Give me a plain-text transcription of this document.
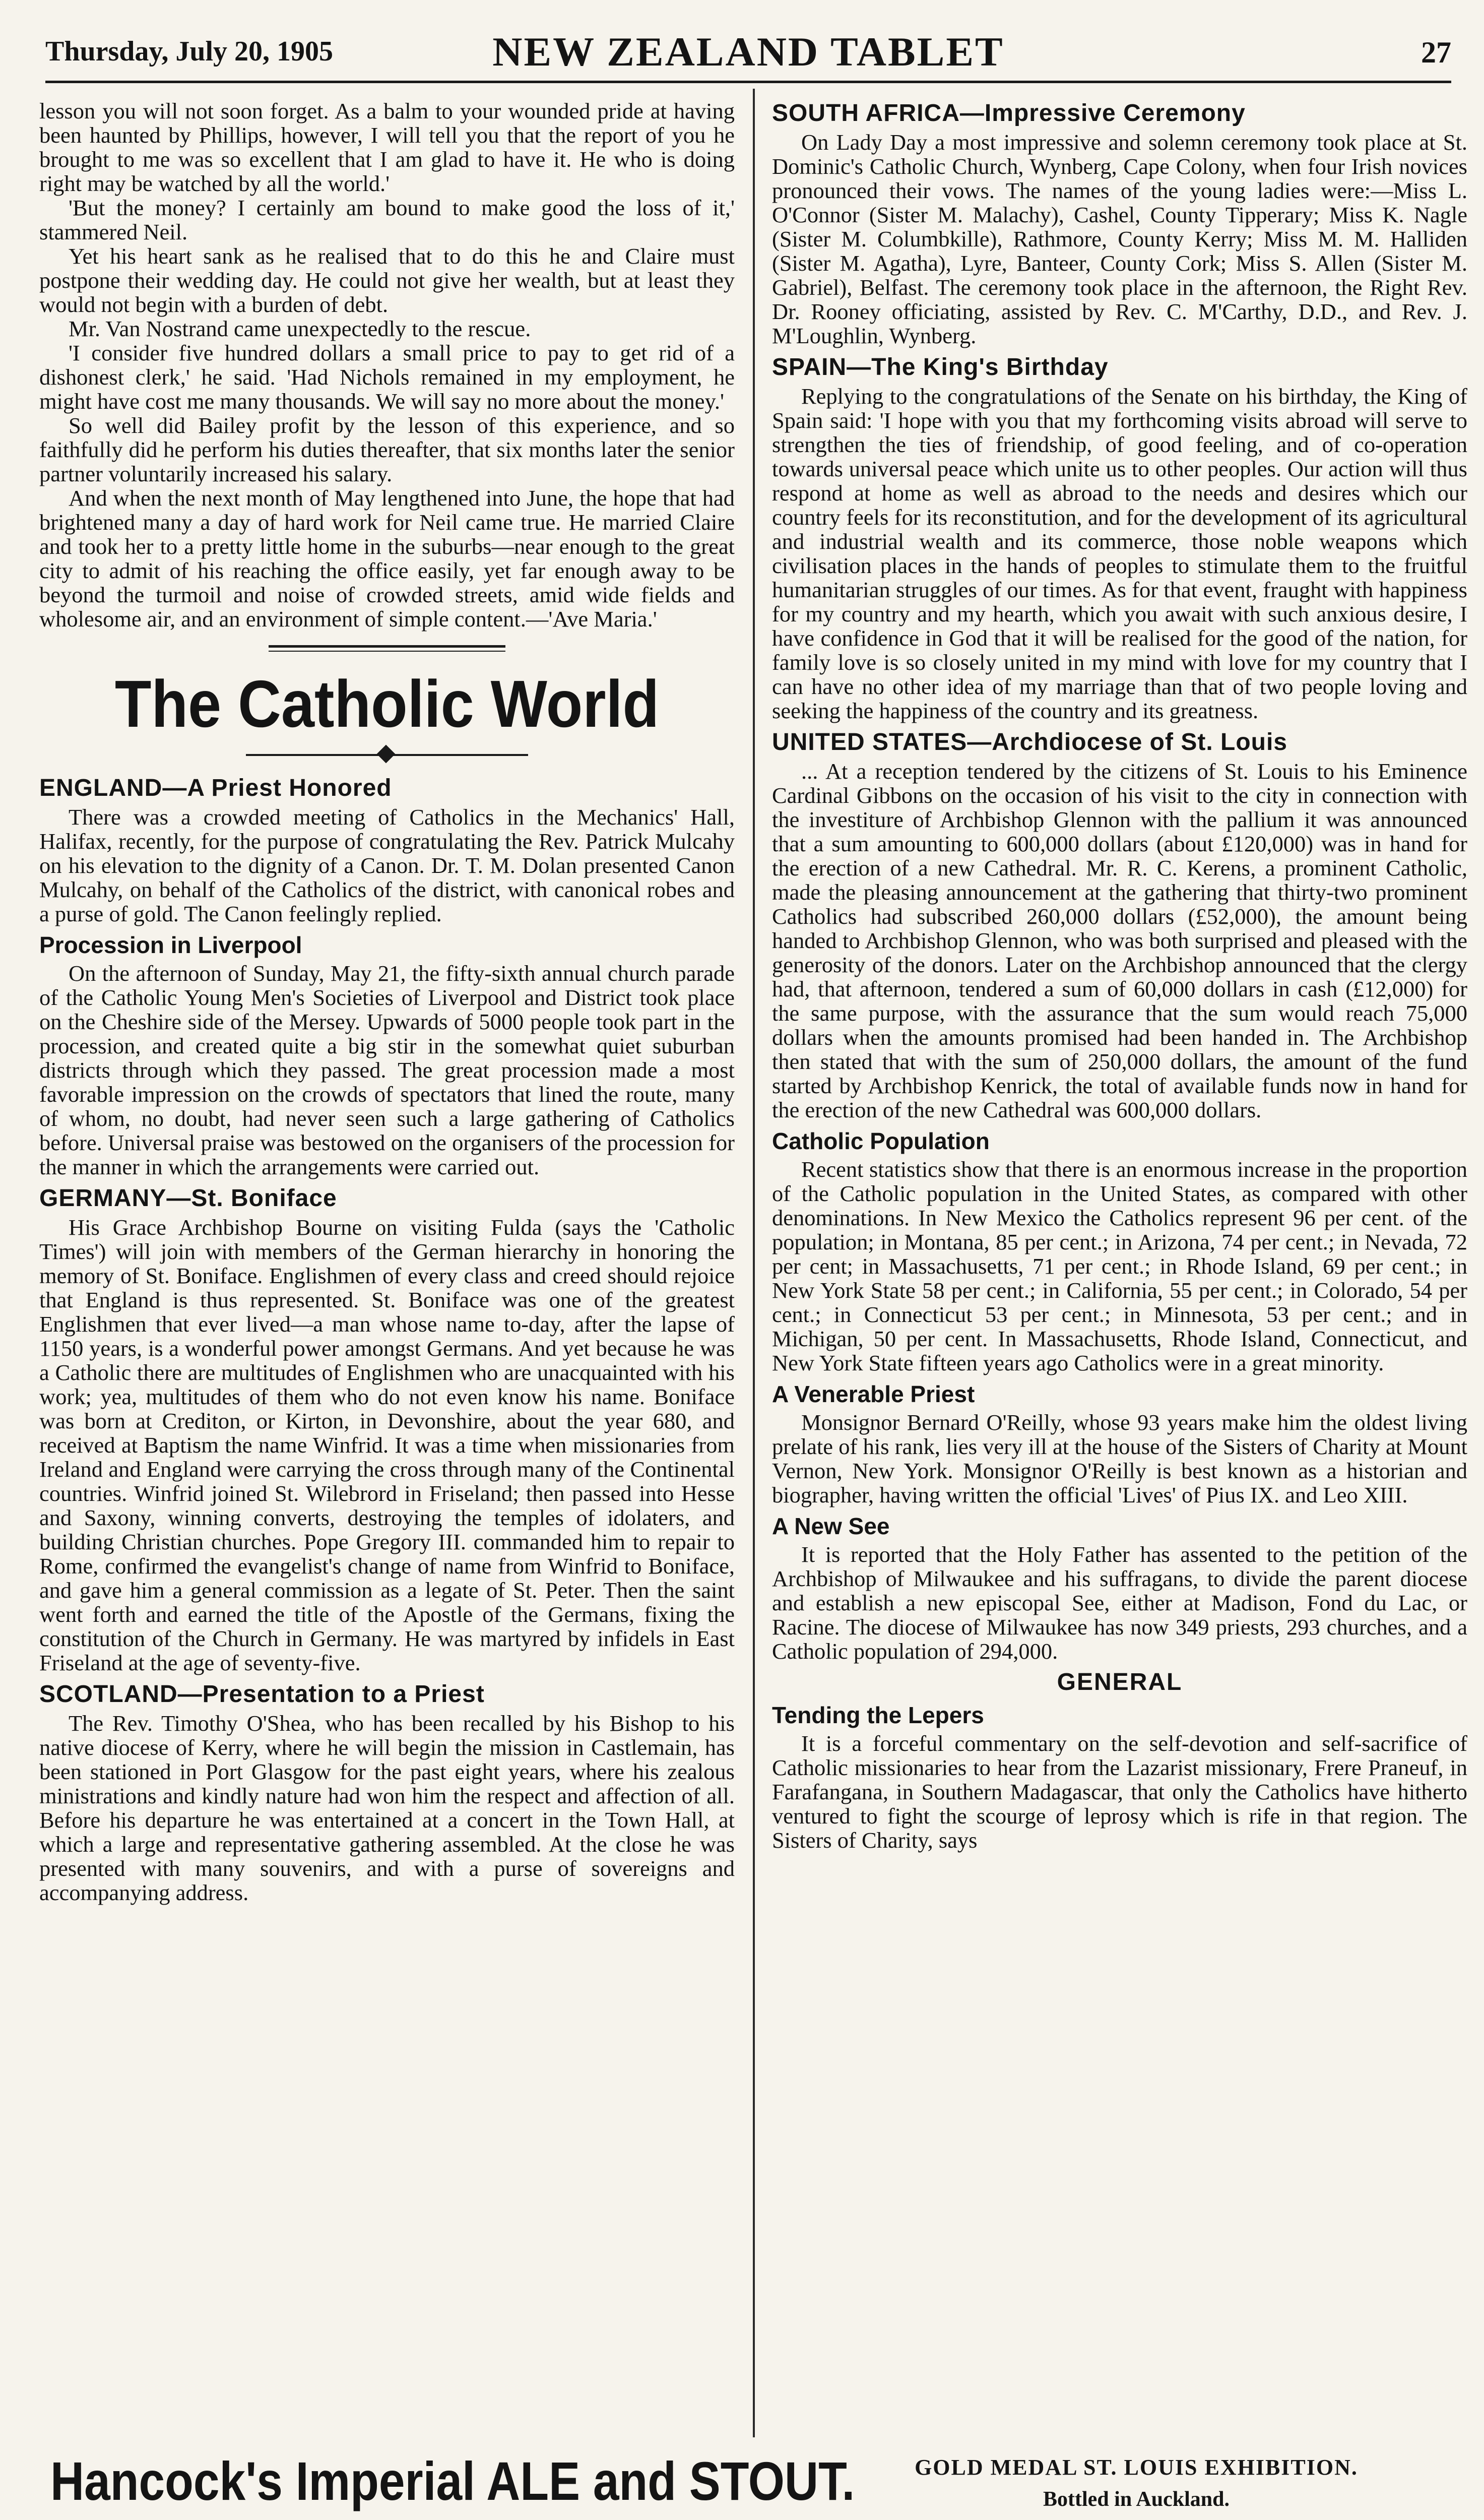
Thursday, July 20, 1905	NEW ZEALAND TABLET	27

lesson you will not soon forget. As a balm to your wounded pride at having been haunted by Phillips, however, I will tell you that the report of you he brought to me was so excellent that I am glad to have it. He who is doing right may be watched by all the world.'

'But the money? I certainly am bound to make good the loss of it,' stammered Neil.

Yet his heart sank as he realised that to do this he and Claire must postpone their wedding day. He could not give her wealth, but at least they would not begin with a burden of debt.

Mr. Van Nostrand came unexpectedly to the rescue.

'I consider five hundred dollars a small price to pay to get rid of a dishonest clerk,' he said. 'Had Nichols remained in my employment, he might have cost me many thousands. We will say no more about the money.'

So well did Bailey profit by the lesson of this experience, and so faithfully did he perform his duties thereafter, that six months later the senior partner voluntarily increased his salary.

And when the next month of May lengthened into June, the hope that had brightened many a day of hard work for Neil came true. He married Claire and took her to a pretty little home in the suburbs—near enough to the great city to admit of his reaching the office easily, yet far enough away to be beyond the turmoil and noise of crowded streets, amid wide fields and wholesome air, and an environment of simple content.—'Ave Maria.'

The Catholic World
ENGLAND—A Priest Honored

There was a crowded meeting of Catholics in the Mechanics' Hall, Halifax, recently, for the purpose of congratulating the Rev. Patrick Mulcahy on his elevation to the dignity of a Canon. Dr. T. M. Dolan presented Canon Mulcahy, on behalf of the Catholics of the district, with canonical robes and a purse of gold. The Canon feelingly replied.

Procession in Liverpool

On the afternoon of Sunday, May 21, the fifty-sixth annual church parade of the Catholic Young Men's Societies of Liverpool and District took place on the Cheshire side of the Mersey. Upwards of 5000 people took part in the procession, and created quite a big stir in the somewhat quiet suburban districts through which they passed. The great procession made a most favorable impression on the crowds of spectators that lined the route, many of whom, no doubt, had never seen such a large gathering of Catholics before. Universal praise was bestowed on the organisers of the procession for the manner in which the arrangements were carried out.

GERMANY—St. Boniface

His Grace Archbishop Bourne on visiting Fulda (says the 'Catholic Times') will join with members of the German hierarchy in honoring the memory of St. Boniface. Englishmen of every class and creed should rejoice that England is thus represented. St. Boniface was one of the greatest Englishmen that ever lived—a man whose name to-day, after the lapse of 1150 years, is a wonderful power amongst Germans. And yet because he was a Catholic there are multitudes of Englishmen who are unacquainted with his work; yea, multitudes of them who do not even know his name. Boniface was born at Crediton, or Kirton, in Devonshire, about the year 680, and received at Baptism the name Winfrid. It was a time when missionaries from Ireland and England were carrying the cross through many of the Continental countries. Winfrid joined St. Wilebrord in Friseland; then passed into Hesse and Saxony, winning converts, destroying the temples of idolaters, and building Christian churches. Pope Gregory III. commanded him to repair to Rome, confirmed the evangelist's change of name from Winfrid to Boniface, and gave him a general commission as a legate of St. Peter. Then the saint went forth and earned the title of the Apostle of the Germans, fixing the constitution of the Church in Germany. He was martyred by infidels in East Friseland at the age of seventy-five.

SCOTLAND—Presentation to a Priest

The Rev. Timothy O'Shea, who has been recalled by his Bishop to his native diocese of Kerry, where he will begin the mission in Castlemain, has been stationed in Port Glasgow for the past eight years, where his zealous ministrations and kindly nature had won him the respect and affection of all. Before his departure he was entertained at a concert in the Town Hall, at which a large and representative gathering assembled. At the close he was presented with many souvenirs, and with a purse of sovereigns and accompanying address.

SOUTH AFRICA—Impressive Ceremony

On Lady Day a most impressive and solemn ceremony took place at St. Dominic's Catholic Church, Wynberg, Cape Colony, when four Irish novices pronounced their vows. The names of the young ladies were:—Miss L. O'Connor (Sister M. Malachy), Cashel, County Tipperary; Miss K. Nagle (Sister M. Columbkille), Rathmore, County Kerry; Miss M. M. Halliden (Sister M. Agatha), Lyre, Banteer, County Cork; Miss S. Allen (Sister M. Gabriel), Belfast. The ceremony took place in the afternoon, the Right Rev. Dr. Rooney officiating, assisted by Rev. C. M'Carthy, D.D., and Rev. J. M'Loughlin, Wynberg.

SPAIN—The King's Birthday

Replying to the congratulations of the Senate on his birthday, the King of Spain said: 'I hope with you that my forthcoming visits abroad will serve to strengthen the ties of friendship, of good feeling, and of co-operation towards universal peace which unite us to other peoples. Our action will thus respond at home as well as abroad to the needs and desires which our country feels for its reconstitution, and for the development of its agricultural and industrial wealth and its commerce, those noble weapons which civilisation places in the hands of peoples to stimulate them to the fruitful humanitarian struggles of our times. As for that event, fraught with happiness for my country and my hearth, which you await with such anxious desire, I have confidence in God that it will be realised for the good of the nation, for family love is so closely united in my mind with love for my country that I can have no other idea of my marriage than that of two people loving and seeking the happiness of the country and its greatness.

UNITED STATES—Archdiocese of St. Louis

... At a reception tendered by the citizens of St. Louis to his Eminence Cardinal Gibbons on the occasion of his visit to the city in connection with the investiture of Archbishop Glennon with the pallium it was announced that a sum amounting to 600,000 dollars (about £120,000) was in hand for the erection of a new Cathedral. Mr. R. C. Kerens, a prominent Catholic, made the pleasing announcement at the gathering that thirty-two prominent Catholics had subscribed 260,000 dollars (£52,000), the amount being handed to Archbishop Glennon, who was both surprised and pleased with the generosity of the donors. Later on the Archbishop announced that the clergy had, that afternoon, tendered a sum of 60,000 dollars in cash (£12,000) for the same purpose, with the assurance that the sum would reach 75,000 dollars when the amounts promised had been handed in. The Archbishop then stated that with the sum of 250,000 dollars, the amount of the fund started by Archbishop Kenrick, the total of available funds now in hand for the erection of the new Cathedral was 600,000 dollars.

Catholic Population

Recent statistics show that there is an enormous increase in the proportion of the Catholic population in the United States, as compared with other denominations. In New Mexico the Catholics represent 96 per cent. of the population; in Montana, 85 per cent.; in Arizona, 74 per cent.; in Nevada, 72 per cent; in Massachusetts, 71 per cent.; in Rhode Island, 69 per cent.; in New York State 58 per cent.; in California, 55 per cent.; in Colorado, 54 per cent.; in Connecticut 53 per cent.; in Minnesota, 53 per cent.; and in Michigan, 50 per cent. In Massachusetts, Rhode Island, Connecticut, and New York State fifteen years ago Catholics were in a great minority.

A Venerable Priest

Monsignor Bernard O'Reilly, whose 93 years make him the oldest living prelate of his rank, lies very ill at the house of the Sisters of Charity at Mount Vernon, New York. Monsignor O'Reilly is best known as a historian and biographer, having written the official 'Lives' of Pius IX. and Leo XIII.

A New See

It is reported that the Holy Father has assented to the petition of the Archbishop of Milwaukee and his suffragans, to divide the parent diocese and establish a new episcopal See, either at Madison, Fond du Lac, or Racine. The diocese of Milwaukee has now 349 priests, 293 churches, and a Catholic population of 294,000.

GENERAL
Tending the Lepers

It is a forceful commentary on the self-devotion and self-sacrifice of Catholic missionaries to hear from the Lazarist missionary, Frere Praneuf, in Farafangana, in Southern Madagascar, that only the Catholics have hitherto ventured to fight the scourge of leprosy which is rife in that region. The Sisters of Charity, says

Hancock's Imperial ALE and STOUT.	GOLD MEDAL ST. LOUIS EXHIBITION.
Bottled in Auckland.
